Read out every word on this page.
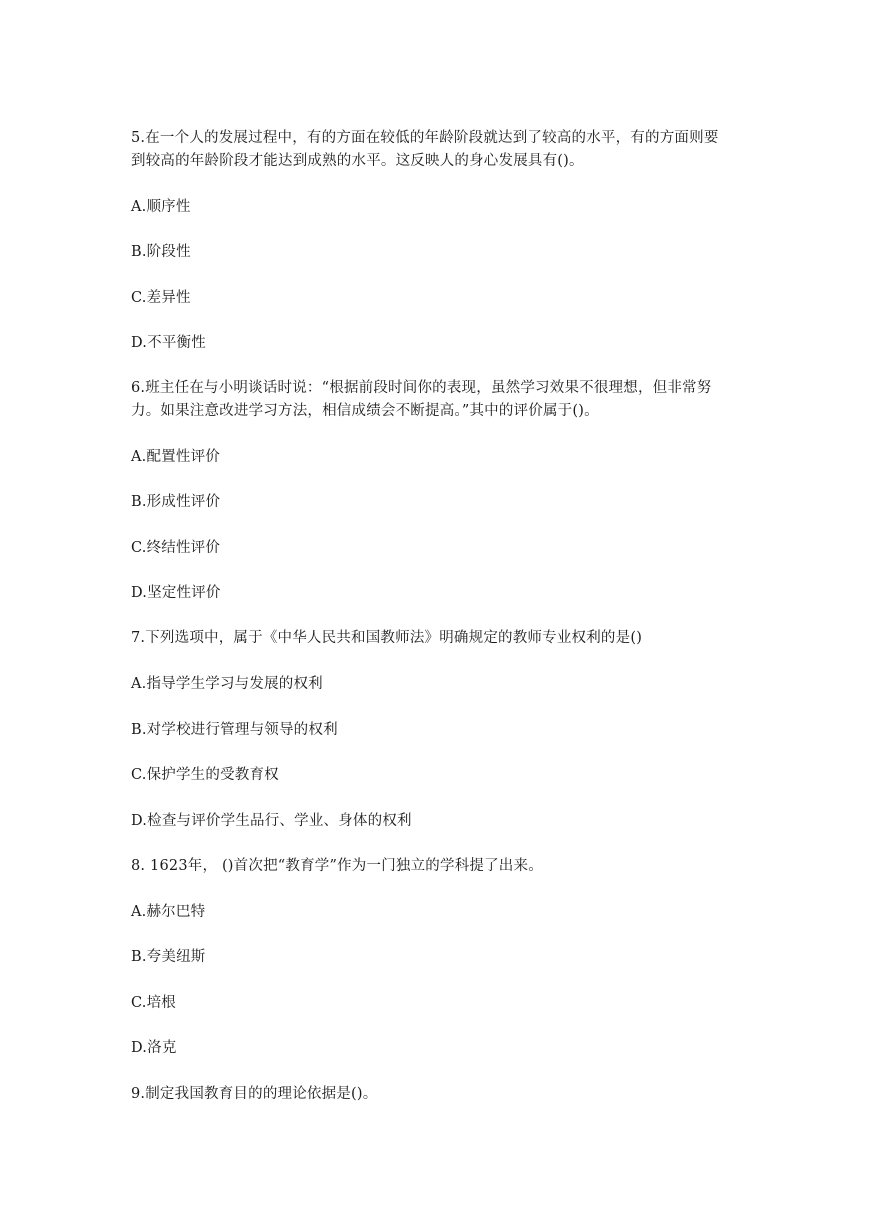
5.在一个人的发展过程中，有的方面在较低的年龄阶段就达到了较高的水平，有的方面则要
到较高的年龄阶段才能达到成熟的水平。这反映人的身心发展具有()。
A.顺序性
B.阶段性
C.差异性
D.不平衡性
6.班主任在与小明谈话时说：“根据前段时间你的表现，虽然学习效果不很理想，但非常努
力。如果注意改进学习方法，相信成绩会不断提高。”其中的评价属于()。
A.配置性评价
B.形成性评价
C.终结性评价
D.坚定性评价
7.下列选项中，属于《中华人民共和国教师法》明确规定的教师专业权利的是()
A.指导学生学习与发展的权利
B.对学校进行管理与领导的权利
C.保护学生的受教育权
D.检查与评价学生品行、学业、身体的权利
8. 1623年， ()首次把“教育学”作为一门独立的学科提了出来。
A.赫尔巴特
B.夸美纽斯
C.培根
D.洛克
9.制定我国教育目的的理论依据是()。
